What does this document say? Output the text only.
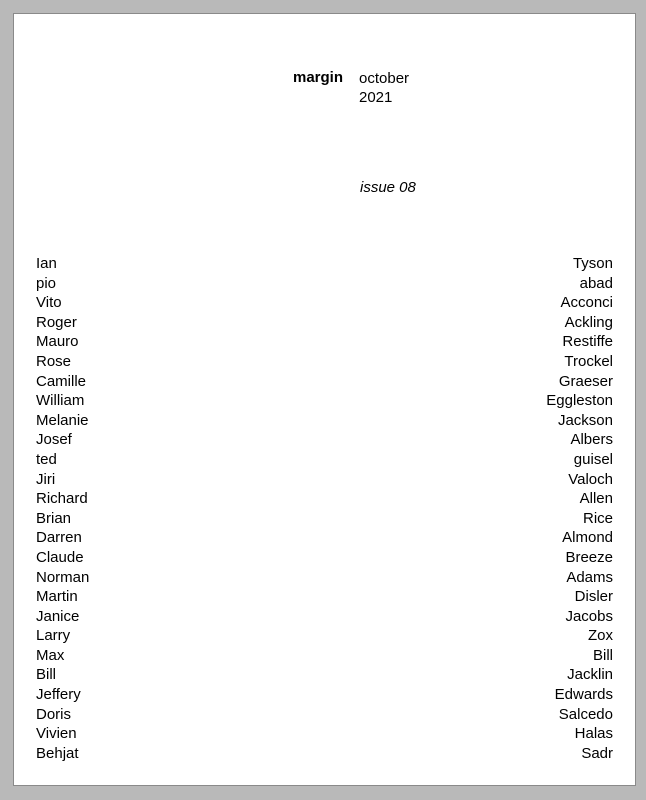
margin october
2021
issue 08
Ian	Tyson
pio	abad
Vito	Acconci
Roger	Ackling
Mauro	Restiffe
Rose	Trockel
Camille	Graeser
William	Eggleston
Melanie	Jackson
Josef	Albers
ted	guisel
Jiri	Valoch
Richard	Allen
Brian	Rice
Darren	Almond
Claude	Breeze
Norman	Adams
Martin	Disler
Janice	Jacobs
Larry	Zox
Max	Bill
Bill	Jacklin
Jeffery	Edwards
Doris	Salcedo
Vivien	Halas
Behjat	Sadr
